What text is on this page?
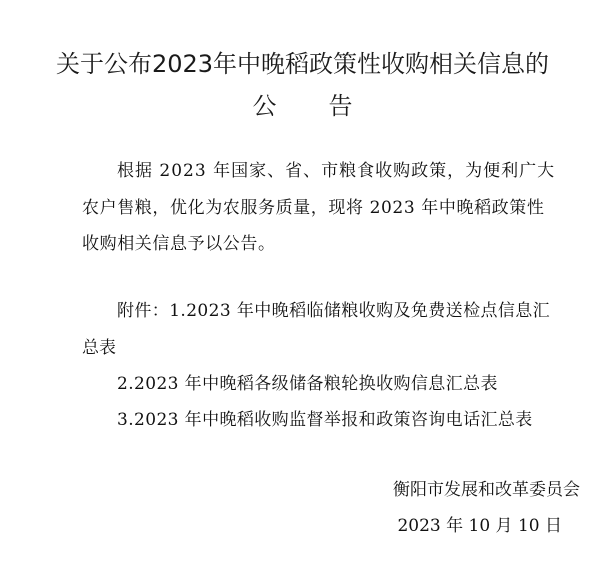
关于公布2023年中晚稻政策性收购相关信息的
公 告
根据 2023 年国家、省、市粮食收购政策，为便利广大
农户售粮，优化为农服务质量，现将 2023 年中晚稻政策性
收购相关信息予以公告。
附件：1.2023 年中晚稻临储粮收购及免费送检点信息汇
总表
2.2023 年中晚稻各级储备粮轮换收购信息汇总表
3.2023 年中晚稻收购监督举报和政策咨询电话汇总表
衡阳市发展和改革委员会
2023 年 10 月 10 日
